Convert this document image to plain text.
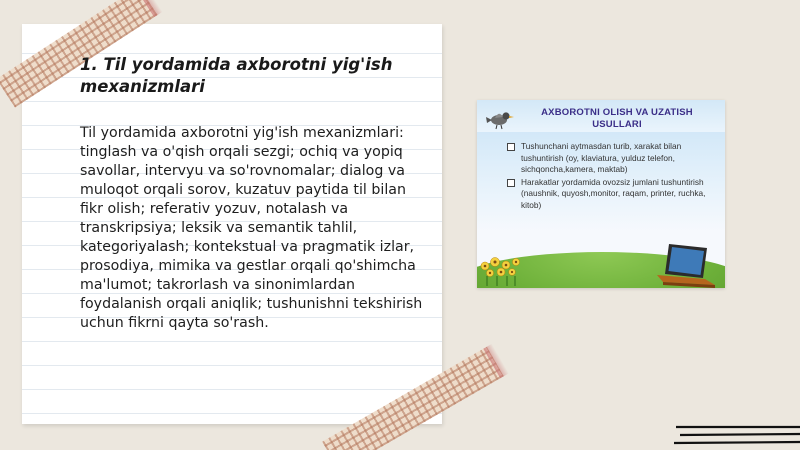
1. Til yordamida axborotni yig'ish mexanizmlari

Til yordamida axborotni yig'ish mexanizmlari: tinglash va o'qish orqali sezgi; ochiq va yopiq savollar, intervyu va so'rovnomalar; dialog va muloqot orqali sorov, kuzatuv paytida til bilan fikr olish; referativ yozuv, notalash va transkripsiya; leksik va semantik tahlil, kategoriyalash; kontekstual va pragmatik izlar, prosodiya, mimika va gestlar orqali qo'shimcha ma'lumot; takrorlash va sinonimlardan foydalanish orqali aniqlik; tushunishni tekshirish uchun fikrni qayta so'rash.

AXBOROTNI OLISH VA UZATISH USULLARI
Tushunchani aytmasdan turib, xarakat bilan tushuntirish (oy, klaviatura, yulduz telefon, sichqoncha,kamera, maktab)
Harakatlar yordamida ovozsiz jumlani tushuntirish (naushnik, quyosh,monitor, raqam, printer, ruchka, kitob)
